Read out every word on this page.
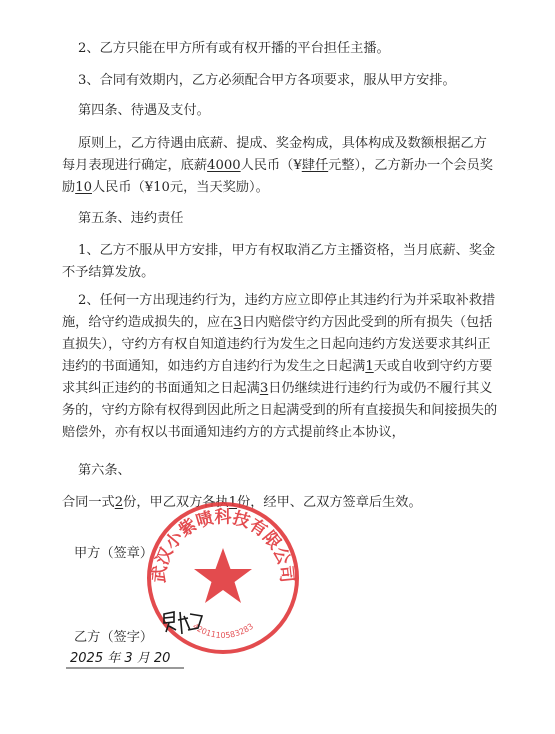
2、乙方只能在甲方所有或有权开播的平台担任主播。
3、合同有效期内，乙方必须配合甲方各项要求，服从甲方安排。
第四条、待遇及支付。
原则上，乙方待遇由底薪、提成、奖金构成，具体构成及数额根据乙方
每月表现进行确定，底薪4000人民币（¥肆仟元整），乙方新办一个会员奖
励10人民币（¥10元，当天奖励）。
第五条、违约责任
1、乙方不服从甲方安排，甲方有权取消乙方主播资格，当月底薪、奖金
不予结算发放。
2、任何一方出现违约行为，违约方应立即停止其违约行为并采取补救措
施，给守约造成损失的，应在3日内赔偿守约方因此受到的所有损失（包括
直损失），守约方有权自知道违约行为发生之日起向违约方发送要求其纠正
违约的书面通知，如违约方自违约行为发生之日起满1天或自收到守约方要
求其纠正违约的书面通知之日起满3日仍继续进行违约行为或仍不履行其义
务的，守约方除有权得到因此所之日起满受到的所有直接损失和间接损失的
赔偿外，亦有权以书面通知违约方的方式提前终止本协议，
第六条、
合同一式2份，甲乙双方各执1份，经甲、乙双方签章后生效。
甲方（签章）
乙方（签字）
武汉小紫啧科技有限公司
4201110583283
2025 年 3 月 20
